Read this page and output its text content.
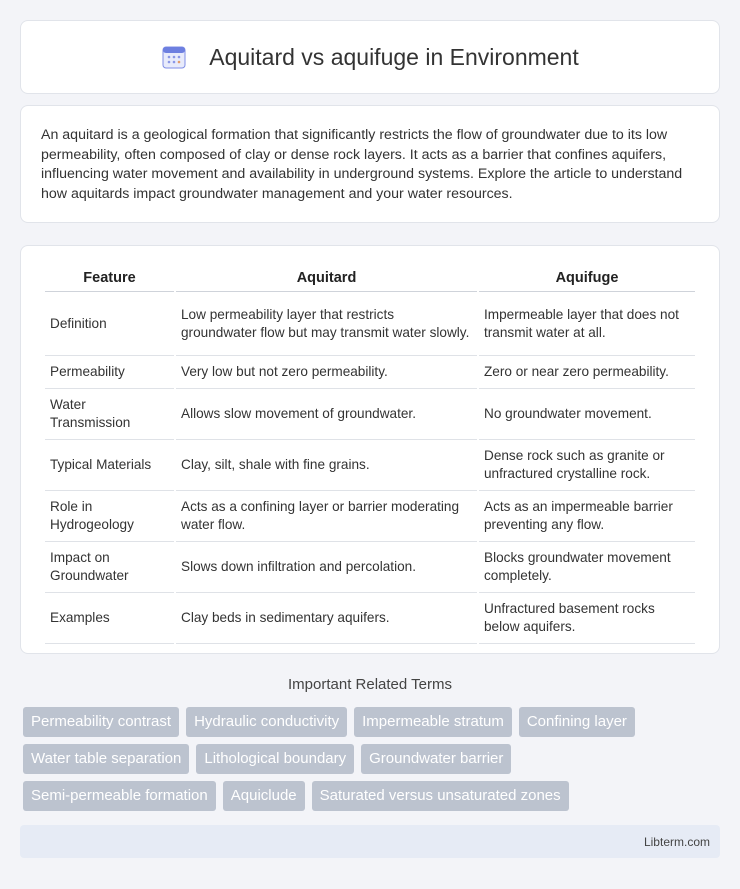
Aquitard vs aquifuge in Environment

An aquitard is a geological formation that significantly restricts the flow of groundwater due to its low permeability, often composed of clay or dense rock layers. It acts as a barrier that confines aquifers, influencing water movement and availability in underground systems. Explore the article to understand how aquitards impact groundwater management and your water resources.

Feature	Aquitard	Aquifuge
Definition	Low permeability layer that restricts groundwater flow but may transmit water slowly.	Impermeable layer that does not transmit water at all.
Permeability	Very low but not zero permeability.	Zero or near zero permeability.
Water Transmission	Allows slow movement of groundwater.	No groundwater movement.
Typical Materials	Clay, silt, shale with fine grains.	Dense rock such as granite or unfractured crystalline rock.
Role in Hydrogeology	Acts as a confining layer or barrier moderating water flow.	Acts as an impermeable barrier preventing any flow.
Impact on Groundwater	Slows down infiltration and percolation.	Blocks groundwater movement completely.
Examples	Clay beds in sedimentary aquifers.	Unfractured basement rocks below aquifers.
Important Related Terms
Permeability contrast	Hydraulic conductivity	Impermeable stratum	Confining layer
Water table separation	Lithological boundary	Groundwater barrier
Semi-permeable formation	Aquiclude	Saturated versus unsaturated zones
Libterm.com
